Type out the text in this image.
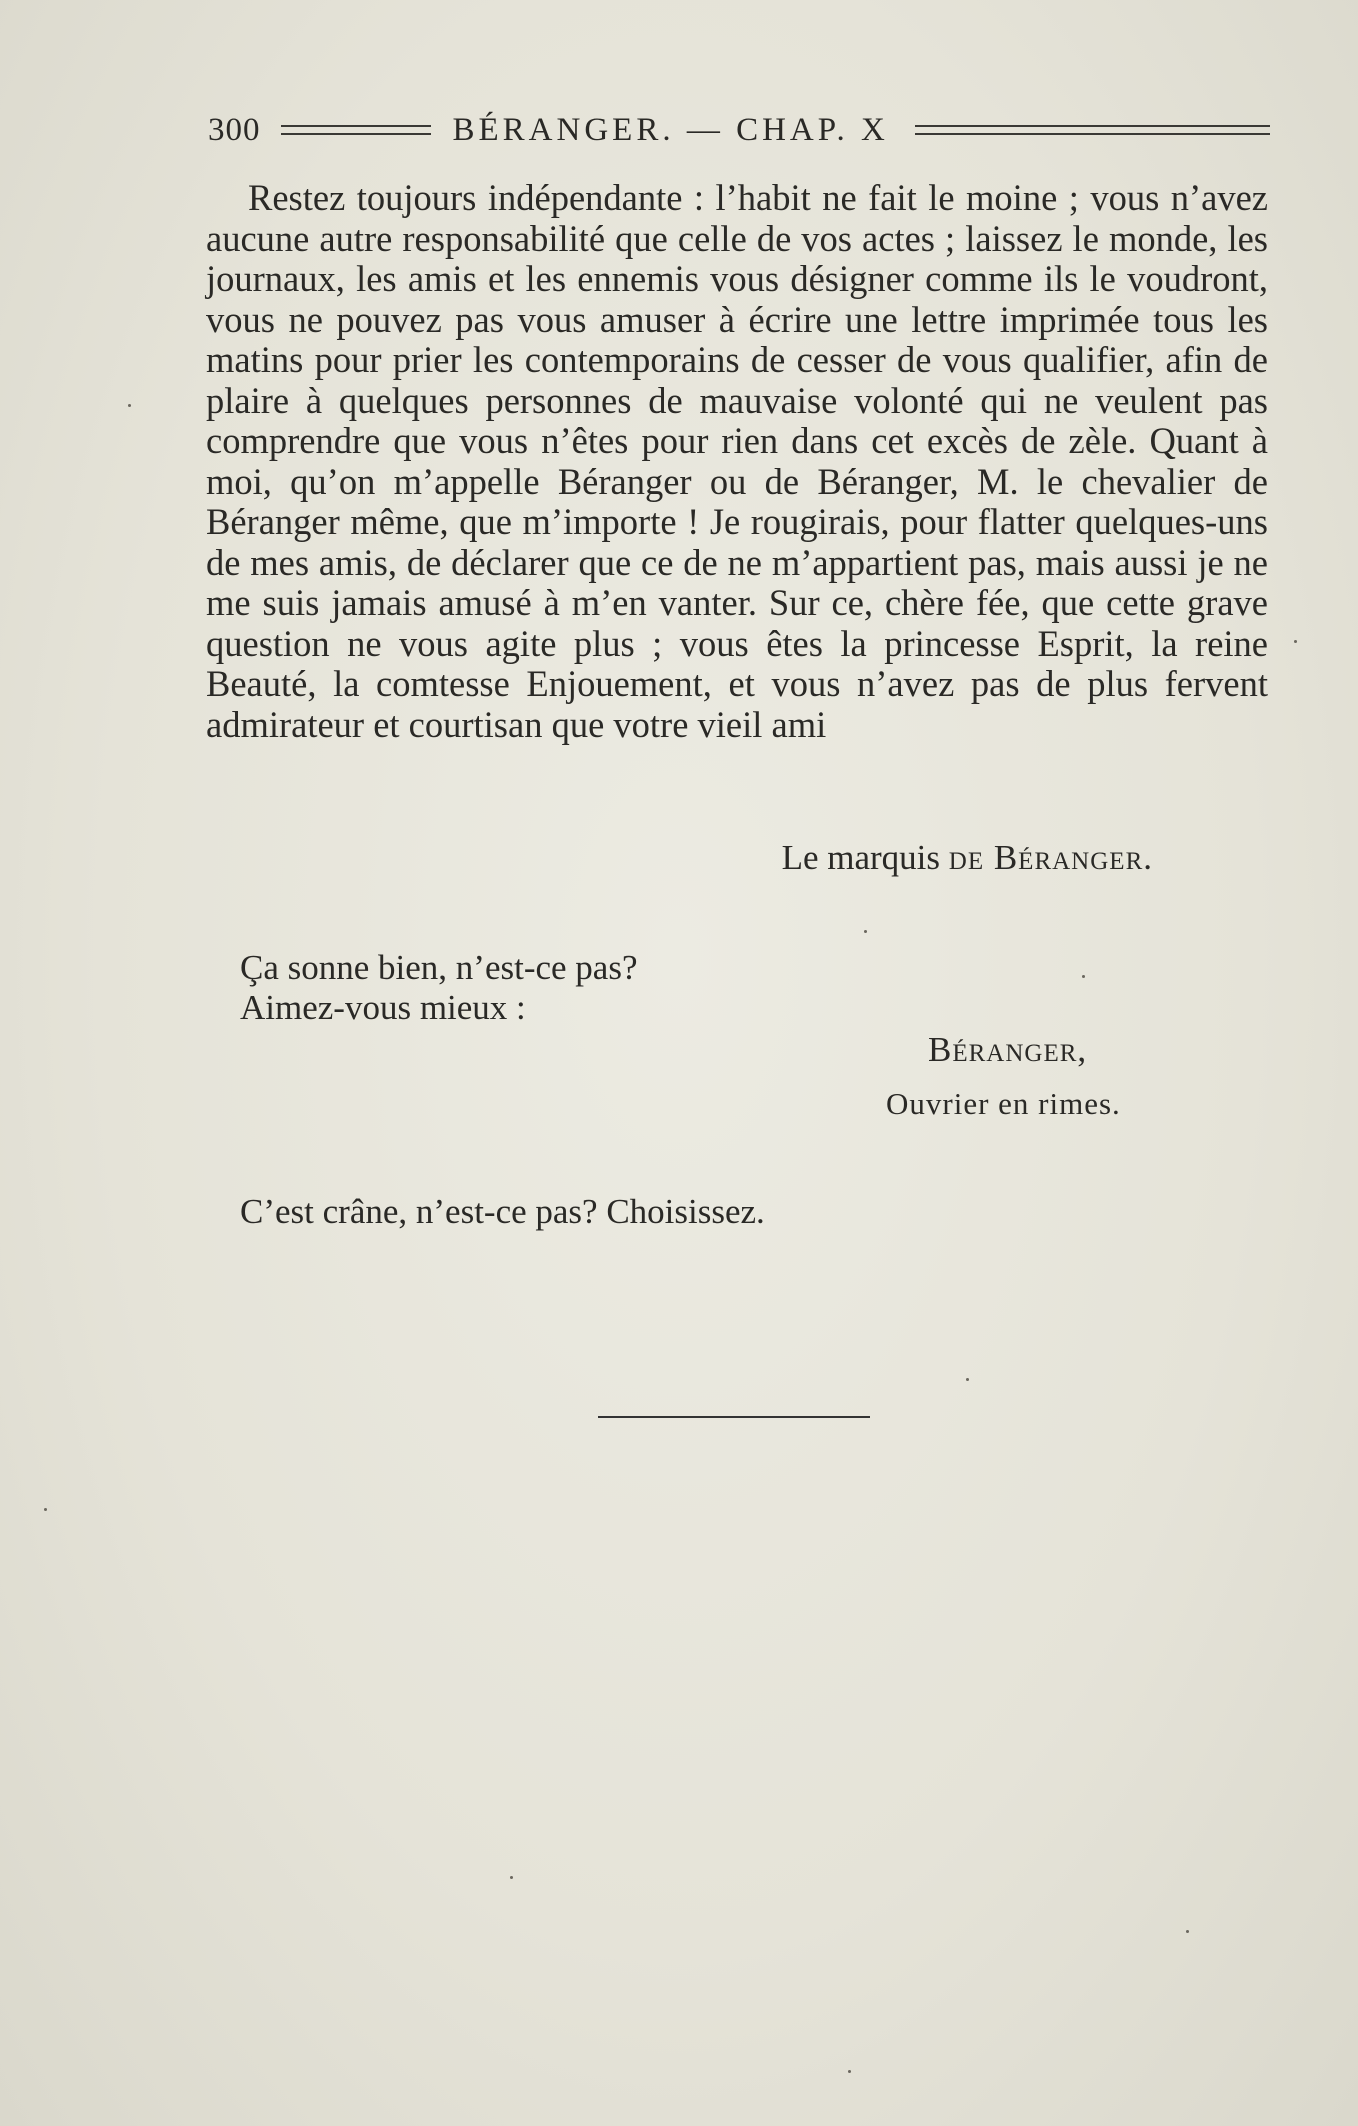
300	BÉRANGER. — CHAP. X

Restez toujours indépendante : l’habit ne fait le moine ; vous n’avez aucune autre responsabilité que celle de vos actes ; laissez le monde, les journaux, les amis et les ennemis vous désigner comme ils le voudront, vous ne pouvez pas vous amuser à écrire une lettre imprimée tous les matins pour prier les contemporains de cesser de vous qualifier, afin de plaire à quelques personnes de mauvaise volonté qui ne veulent pas comprendre que vous n’êtes pour rien dans cet excès de zèle. Quant à moi, qu’on m’appelle Béranger ou de Béranger, M. le chevalier de Béranger même, que m’importe ! Je rougirais, pour flatter quelques-uns de mes amis, de déclarer que ce de ne m’appartient pas, mais aussi je ne me suis jamais amusé à m’en vanter. Sur ce, chère fée, que cette grave question ne vous agite plus ; vous êtes la princesse Esprit, la reine Beauté, la comtesse Enjouement, et vous n’avez pas de plus fervent admirateur et courtisan que votre vieil ami

Le marquis de Béranger.
Ça sonne bien, n’est-ce pas?
Aimez-vous mieux :
Béranger,
Ouvrier en rimes.
C’est crâne, n’est-ce pas? Choisissez.
